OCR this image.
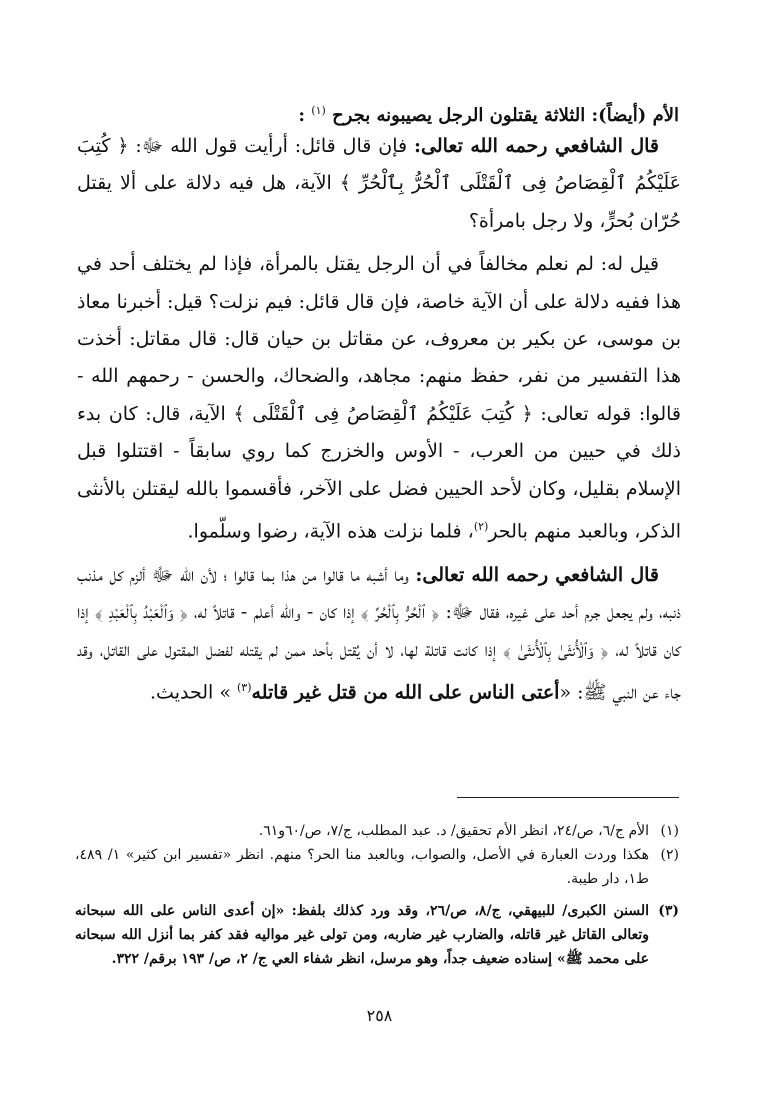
الأم (أيضاً): الثلاثة يقتلون الرجل يصيبونه بجرح $^{(١)}$ :

قال الشافعي رحمه الله تعالى: فإن قال قائل: أرأيت قول الله ﷻ: ﴿ كُتِبَ عَلَيْكُمُ ٱلْقِصَاصُ فِى ٱلْقَتْلَى ٱلْحُرُّ بِٱلْحُرِّ ﴾ الآية، هل فيه دلالة على ألا يقتل حُرّان بُحرٍّ، ولا رجل بامرأة؟

قيل له: لم نعلم مخالفاً في أن الرجل يقتل بالمرأة، فإذا لم يختلف أحد في هذا ففيه دلالة على أن الآية خاصة، فإن قال قائل: فيم نزلت؟ قيل: أخبرنا معاذ بن موسى، عن بكير بن معروف، عن مقاتل بن حيان قال: قال مقاتل: أخذت هذا التفسير من نفر، حفظ منهم: مجاهد، والضحاك، والحسن - رحمهم الله - قالوا: قوله تعالى: ﴿ كُتِبَ عَلَيْكُمُ ٱلْقِصَاصُ فِى ٱلْقَتْلَى ﴾ الآية، قال: كان بدء ذلك في حيين من العرب، - الأوس والخزرج كما روي سابقاً - اقتتلوا قبل الإسلام بقليل، وكان لأحد الحيين فضل على الآخر، فأقسموا بالله ليقتلن بالأنثى الذكر، وبالعبد منهم بالحر$^{(٢)}$، فلما نزلت هذه الآية، رضوا وسلّموا.

قال الشافعي رحمه الله تعالى: وما أشبه ما قالوا من هذا بما قالوا ؛ لأن الله ﷻ ألزم كل مذنب ذنبه، ولم يجعل جرم أحد على غيره، فقال ﷻ: ﴿ ٱلْحُرُّ بِٱلْحُرِّ ﴾ إذا كان - والله أعلم - قاتلاً له، ﴿ وَٱلْعَبْدُ بِٱلْعَبْدِ ﴾ إذا كان قاتلاً له، ﴿ وَٱلْأُنثَىٰ بِٱلْأُنثَىٰ ﴾ إذا كانت قاتلة لها، لا أن يُقتل بأحد ممن لم يقتله لفضل المقتول على القاتل، وقد جاء عن النبي ﷺ: «أعتى الناس على الله من قتل غير قاتله$^{(٣)}$ » الحديث.

(١)
الأم ج/٦، ص/٢٤، انظر الأم تحقيق/ د. عبد المطلب، ج/٧، ص/٦٠و٦١.
(٢)
هكذا وردت العبارة في الأصل، والصواب، وبالعبد منا الحر؟ منهم. انظر «تفسير ابن كثير» ١/ ٤٨٩، ط١، دار طيبة.
(٣)
السنن الكبرى/ للبيهقي، ج/٨، ص/٢٦، وقد ورد كذلك بلفظ: «إن أعدى الناس على الله سبحانه وتعالى القاتل غير قاتله، والضارب غير ضاربه، ومن تولى غير مواليه فقد كفر بما أنزل الله سبحانه على محمد ﷺ» إسناده ضعيف جداً، وهو مرسل، انظر شفاء العي ج/ ٢، ص/ ١٩٣ برقم/ ٣٢٢.
٢٥٨
